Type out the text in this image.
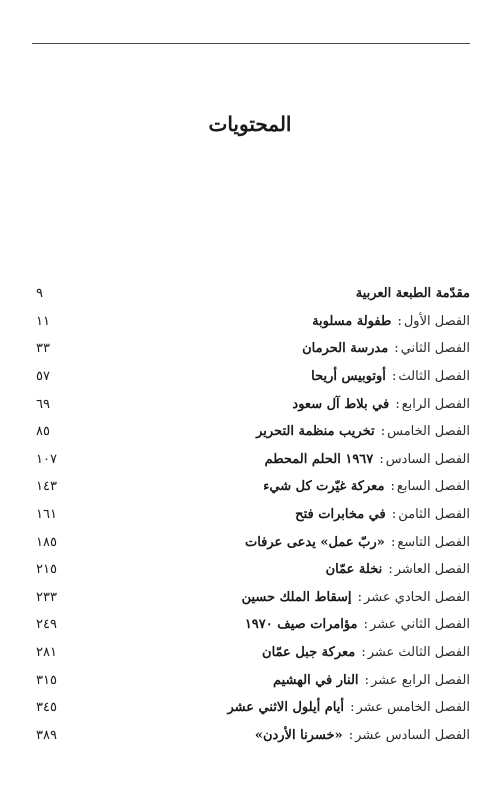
المحتويات
مقدّمة الطبعة العربية
٩
الفصل الأول: طفولة مسلوبة
١١
الفصل الثاني: مدرسة الحرمان
٣٣
الفصل الثالث: أوتوبيس أريحا
٥٧
الفصل الرابع: في بلاط آل سعود
٦٩
الفصل الخامس: تخريب منظمة التحرير
٨٥
الفصل السادس: ١٩٦٧ الحلم المحطم
١٠٧
الفصل السابع: معركة غيّرت كل شيء
١٤٣
الفصل الثامن: في مخابرات فتح
١٦١
الفصل التاسع: «ربّ عمل» يدعى عرفات
١٨٥
الفصل العاشر: نخلة عمّان
٢١٥
الفصل الحادي عشر: إسقاط الملك حسين
٢٣٣
الفصل الثاني عشر: مؤامرات صيف ١٩٧٠
٢٤٩
الفصل الثالث عشر: معركة جبل عمّان
٢٨١
الفصل الرابع عشر: النار في الهشيم
٣١٥
الفصل الخامس عشر: أيام أيلول الاثني عشر
٣٤٥
الفصل السادس عشر: «خسرنا الأردن»
٣٨٩
